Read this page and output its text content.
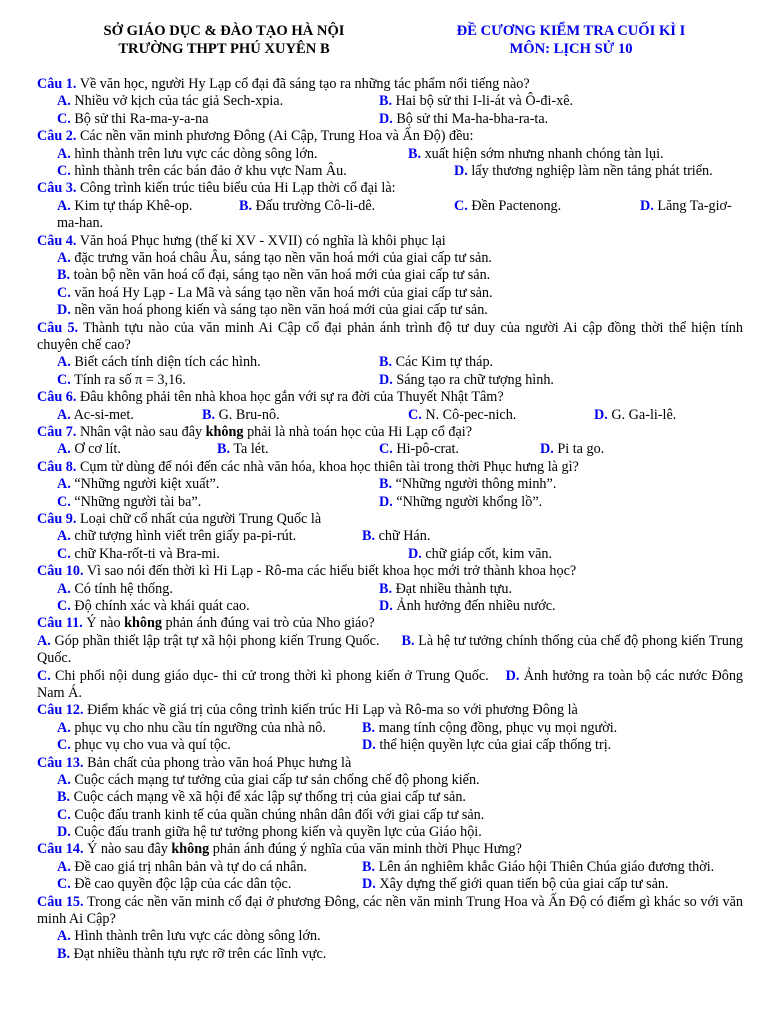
SỞ GIÁO DỤC & ĐÀO TẠO HÀ NỘI
TRƯỜNG THPT PHÚ XUYÊN B
ĐỀ CƯƠNG KIỂM TRA CUỐI KÌ I
MÔN: LỊCH SỬ 10
Câu 1. Về văn học, người Hy Lạp cổ đại đã sáng tạo ra những tác phẩm nổi tiếng nào?
A. Nhiều vở kịch của tác giả Sech-xpia.	B. Hai bộ sử thi I-li-át và Ô-đi-xê.
C. Bộ sử thi Ra-ma-y-a-na	D. Bộ sử thi Ma-ha-bha-ra-ta.
Câu 2. Các nền văn minh phương Đông (Ai Cập, Trung Hoa và Ấn Độ) đều:
A. hình thành trên lưu vực các dòng sông lớn.	B. xuất hiện sớm nhưng nhanh chóng tàn lụi.
C. hình thành trên các bán đảo ở khu vực Nam Âu.	D. lấy thương nghiệp làm nền tảng phát triển.
Câu 3. Công trình kiến trúc tiêu biểu của Hi Lạp thời cổ đại là:
A. Kim tự tháp Khê-op.	B. Đấu trường Cô-li-dê.	C. Đền Pactenong.	D. Lăng Ta-giơ-
ma-han.
Câu 4. Văn hoá Phục hưng (thế kỉ XV - XVII) có nghĩa là khôi phục lại
A. đặc trưng văn hoá châu Âu, sáng tạo nền văn hoá mới của giai cấp tư sản.
B. toàn bộ nền văn hoá cổ đại, sáng tạo nền văn hoá mới của giai cấp tư sản.
C. văn hoá Hy Lạp - La Mã và sáng tạo nền văn hoá mới của giai cấp tư sản.
D. nền văn hoá phong kiến và sáng tạo nền văn hoá mới của giai cấp tư sản.
Câu 5. Thành tựu nào của văn minh Ai Cập cổ đại phản ánh trình độ tư duy của người Ai cập đồng thời thể hiện tính chuyên chế cao?
A. Biết cách tính diện tích các hình.	B. Các Kim tự tháp.
C. Tính ra số π = 3,16.	D. Sáng tạo ra chữ tượng hình.
Câu 6. Đâu không phải tên nhà khoa học gắn với sự ra đời của Thuyết Nhật Tâm?
A. Ac-si-met.	B. G. Bru-nô.	C. N. Cô-pec-nich.	D. G. Ga-li-lê.
Câu 7. Nhân vật nào sau đây không phải là nhà toán học của Hi Lạp cổ đại?
A. Ơ cơ lít.	B. Ta lét.	C. Hi-pô-crat.	D. Pi ta go.
Câu 8. Cụm từ dùng để nói đến các nhà văn hóa, khoa học thiên tài trong thời Phục hưng là gì?
A. “Những người kiệt xuất”.	B. “Những người thông minh”.
C. “Những người tài ba”.	D. “Những người khổng lồ”.
Câu 9. Loại chữ cổ nhất của người Trung Quốc là
A. chữ tượng hình viết trên giấy pa-pi-rút.	B. chữ Hán.
C. chữ Kha-rốt-ti và Bra-mi.	D. chữ giáp cốt, kim văn.
Câu 10. Vì sao nói đến thời kì Hi Lạp - Rô-ma các hiểu biết khoa học mới trở thành khoa học?
A. Có tính hệ thống.	B. Đạt nhiều thành tựu.
C. Độ chính xác và khái quát cao.	D. Ảnh hưởng đến nhiều nước.
Câu 11. Ý nào không phản ánh đúng vai trò của Nho giáo?
A. Góp phần thiết lập trật tự xã hội phong kiến Trung Quốc. B. Là hệ tư tưởng chính thống của chế độ phong kiến Trung Quốc.
C. Chi phối nội dung giáo dục- thi cử trong thời kì phong kiến ở Trung Quốc. D. Ảnh hưởng ra toàn bộ các nước Đông Nam Á.
Câu 12. Điểm khác về giá trị của công trình kiến trúc Hi Lạp và Rô-ma so với phương Đông là
A. phục vụ cho nhu cầu tín ngưỡng của nhà nô.	B. mang tính cộng đồng, phục vụ mọi người.
C. phục vụ cho vua và quí tộc.	D. thể hiện quyền lực của giai cấp thống trị.
Câu 13. Bản chất của phong trào văn hoá Phục hưng là
A. Cuộc cách mạng tư tưởng của giai cấp tư sản chống chế độ phong kiến.
B. Cuộc cách mạng về xã hội để xác lập sự thống trị của giai cấp tư sản.
C. Cuộc đấu tranh kinh tế của quần chúng nhân dân đối với giai cấp tư sản.
D. Cuộc đấu tranh giữa hệ tư tưởng phong kiến và quyền lực của Giáo hội.
Câu 14. Ý nào sau đây không phản ánh đúng ý nghĩa của văn minh thời Phục Hưng?
A. Đề cao giá trị nhân bản và tự do cá nhân.	B. Lên án nghiêm khắc Giáo hội Thiên Chúa giáo đương thời.
C. Đề cao quyền độc lập của các dân tộc.	D. Xây dựng thế giới quan tiến bộ của giai cấp tư sản.
Câu 15. Trong các nền văn minh cổ đại ở phương Đông, các nền văn minh Trung Hoa và Ấn Độ có điểm gì khác so với văn minh Ai Cập?
A. Hình thành trên lưu vực các dòng sông lớn.
B. Đạt nhiều thành tựu rực rỡ trên các lĩnh vực.
